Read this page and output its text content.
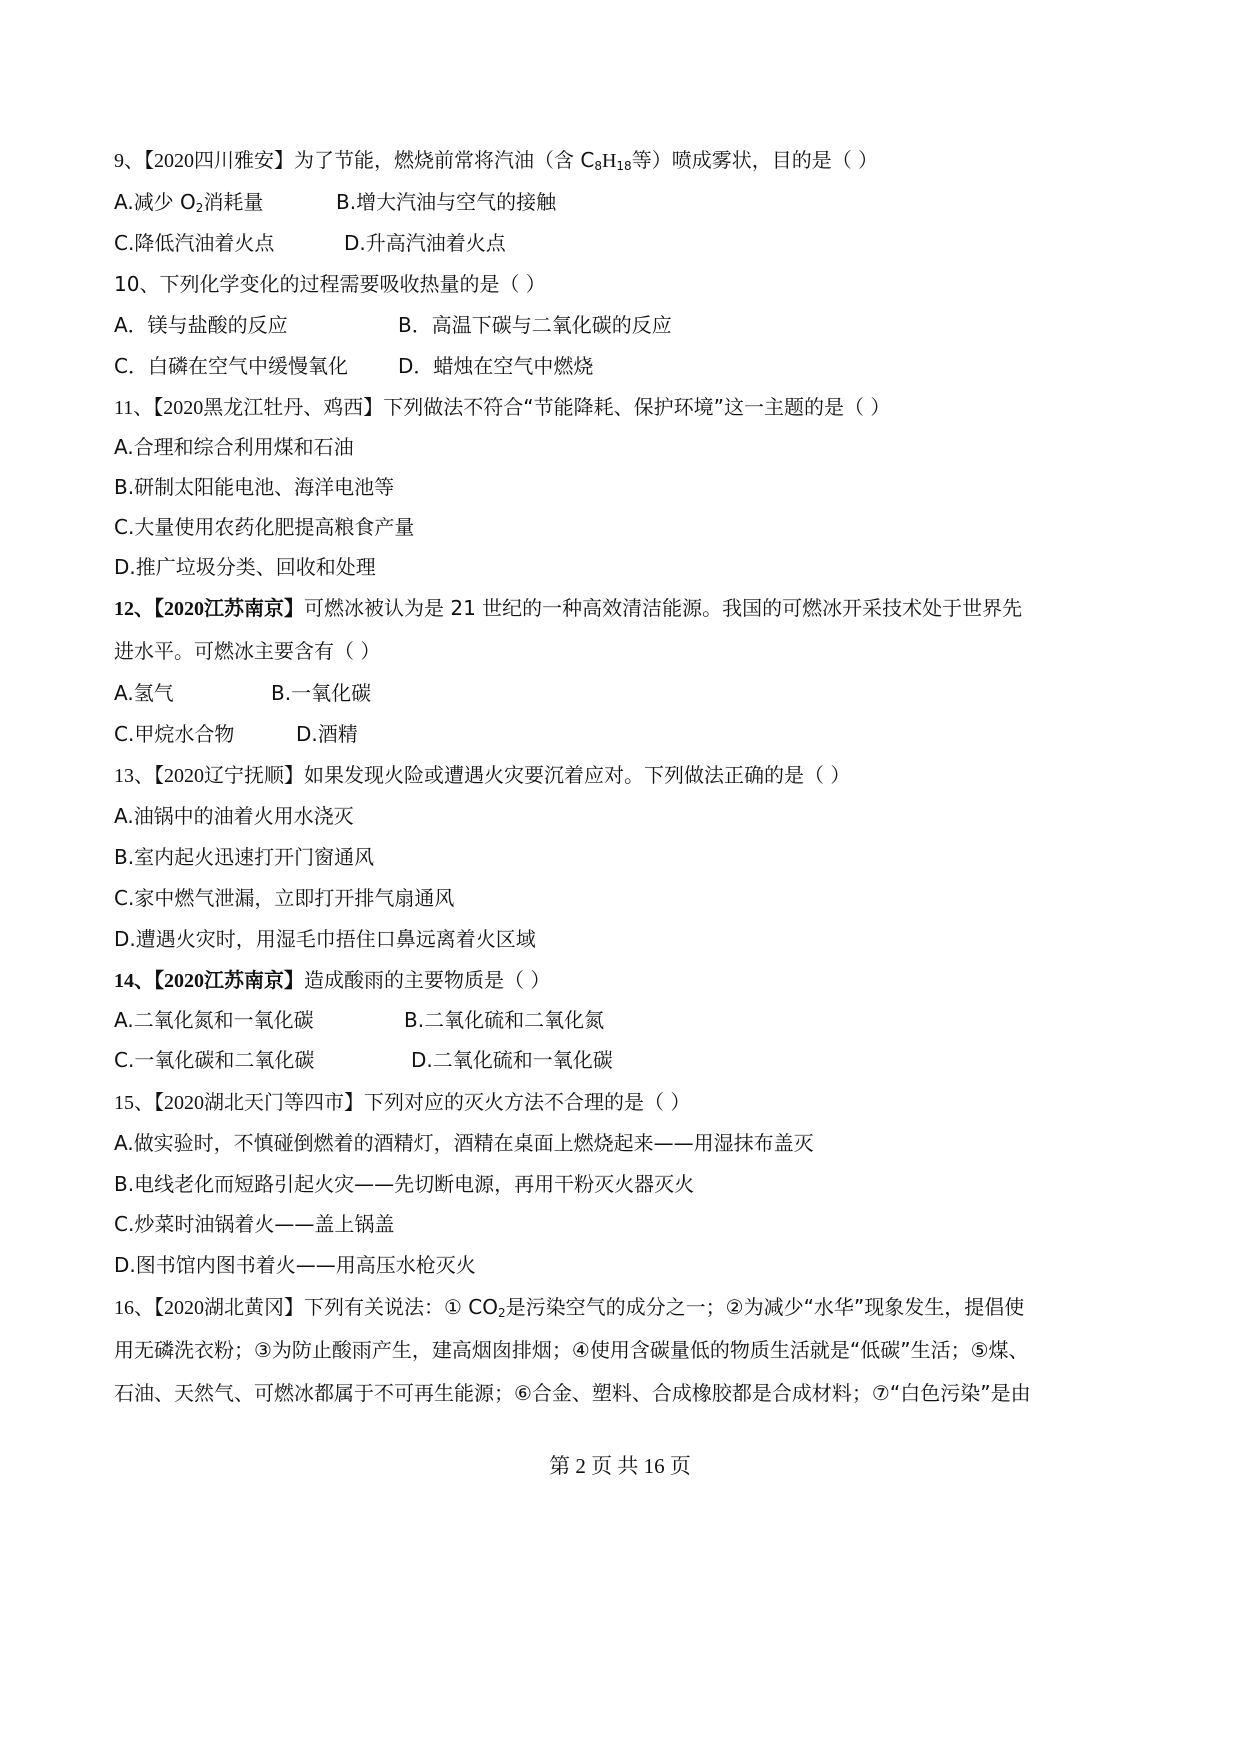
9、【2020四川雅安】为了节能，燃烧前常将汽油（含 $C_8H_{18}$等）喷成雾状，目的是（ ）
A.减少 $O_2$消耗量	B.增大汽油与空气的接触
C.降低汽油着火点	D.升高汽油着火点
10、下列化学变化的过程需要吸收热量的是（ ）
A．镁与盐酸的反应	B．高温下碳与二氧化碳的反应
C．白磷在空气中缓慢氧化	D．蜡烛在空气中燃烧
11、【2020黑龙江牡丹、鸡西】下列做法不符合“节能降耗、保护环境”这一主题的是（ ）
A.合理和综合利用煤和石油
B.研制太阳能电池、海洋电池等
C.大量使用农药化肥提高粮食产量
D.推广垃圾分类、回收和处理
12、【2020江苏南京】可燃冰被认为是 21 世纪的一种高效清洁能源。我国的可燃冰开采技术处于世界先
进水平。可燃冰主要含有（ ）
A.氢气	B.一氧化碳
C.甲烷水合物	D.酒精
13、【2020辽宁抚顺】如果发现火险或遭遇火灾要沉着应对。下列做法正确的是（ ）
A.油锅中的油着火用水浇灭
B.室内起火迅速打开门窗通风
C.家中燃气泄漏，立即打开排气扇通风
D.遭遇火灾时，用湿毛巾捂住口鼻远离着火区域
14、【2020江苏南京】造成酸雨的主要物质是（ ）
A.二氧化氮和一氧化碳	B.二氧化硫和二氧化氮
C.一氧化碳和二氧化碳	D.二氧化硫和一氧化碳
15、【2020湖北天门等四市】下列对应的灭火方法不合理的是（ ）
A.做实验时，不慎碰倒燃着的酒精灯，酒精在桌面上燃烧起来——用湿抹布盖灭
B.电线老化而短路引起火灾——先切断电源，再用干粉灭火器灭火
C.炒菜时油锅着火——盖上锅盖
D.图书馆内图书着火——用高压水枪灭火
16、【2020湖北黄冈】下列有关说法：① $CO_2$是污染空气的成分之一；②为减少“水华”现象发生，提倡使
用无磷洗衣粉；③为防止酸雨产生，建高烟囱排烟；④使用含碳量低的物质生活就是“低碳”生活；⑤煤、
石油、天然气、可燃冰都属于不可再生能源；⑥合金、塑料、合成橡胶都是合成材料；⑦“白色污染”是由
第 2 页 共 16 页
